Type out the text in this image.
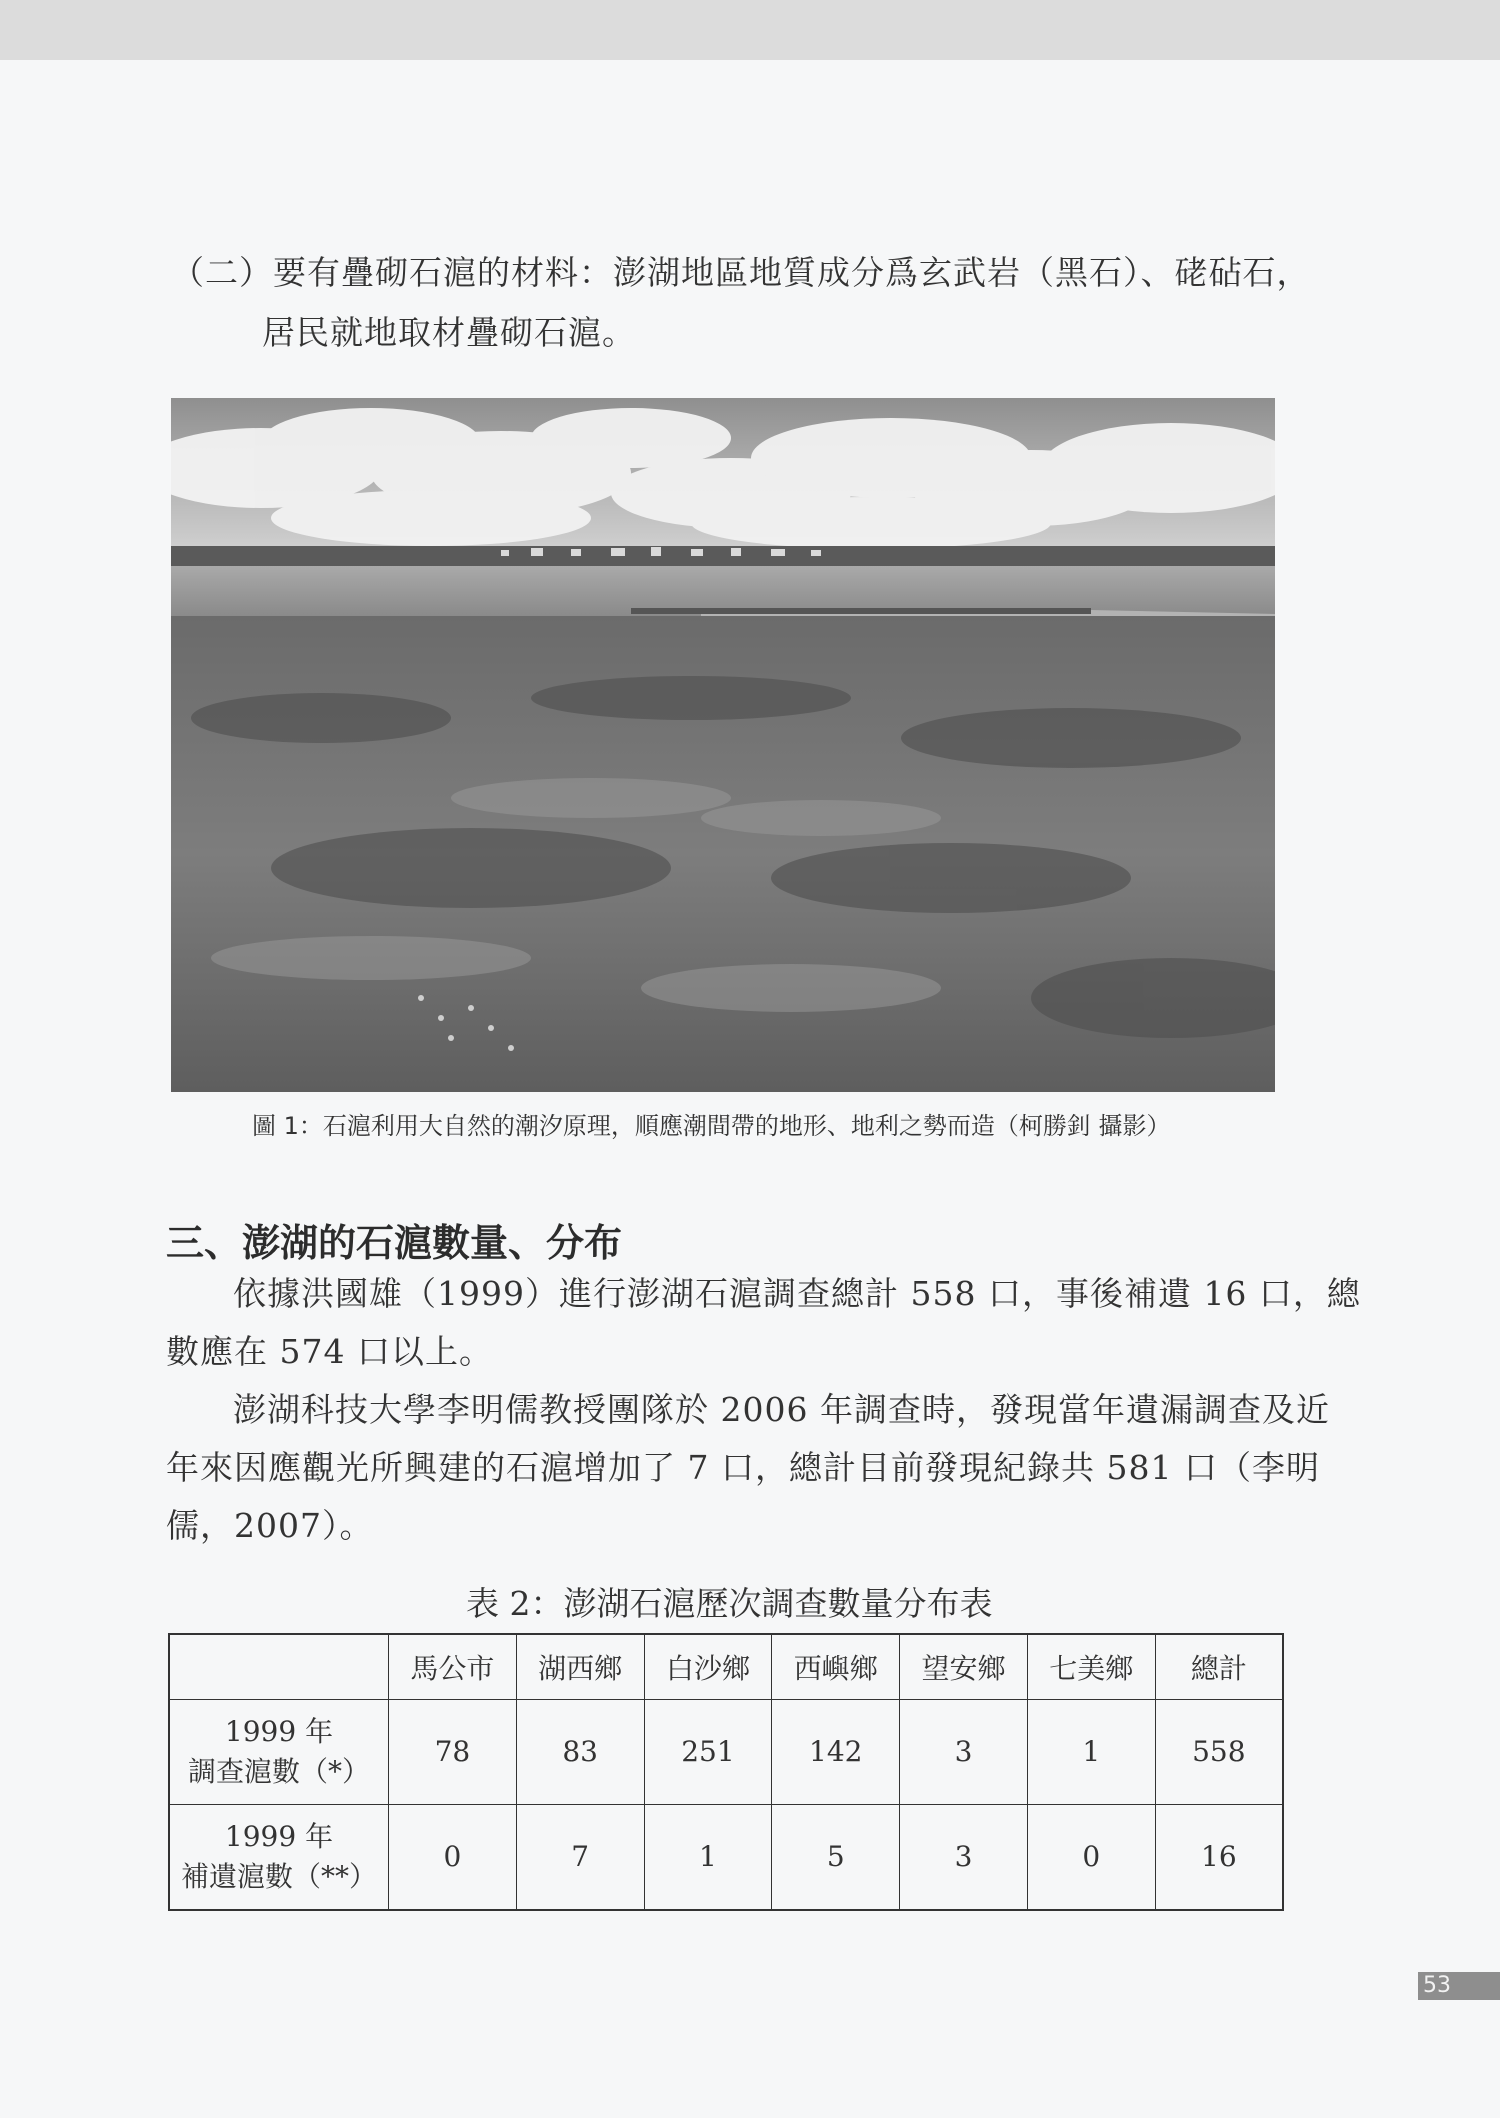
（二）要有疊砌石滬的材料：澎湖地區地質成分爲玄武岩（黑石）、硓砧石，
居民就地取材疊砌石滬。
圖 1：石滬利用大自然的潮汐原理，順應潮間帶的地形、地利之勢而造（柯勝釗 攝影）
三、澎湖的石滬數量、分布
依據洪國雄（1999）進行澎湖石滬調查總計 558 口，事後補遺 16 口，總
數應在 574 口以上。
澎湖科技大學李明儒教授團隊於 2006 年調查時，發現當年遺漏調查及近
年來因應觀光所興建的石滬增加了 7 口，總計目前發現紀錄共 581 口（李明
儒，2007）。
表 2：澎湖石滬歷次調查數量分布表
	馬公市	湖西鄉	白沙鄉	西嶼鄉	望安鄉	七美鄉	總計
1999 年
調查滬數（*）	78	83	251	142	3	1	558
1999 年
補遺滬數（**）	0	7	1	5	3	0	16
53
